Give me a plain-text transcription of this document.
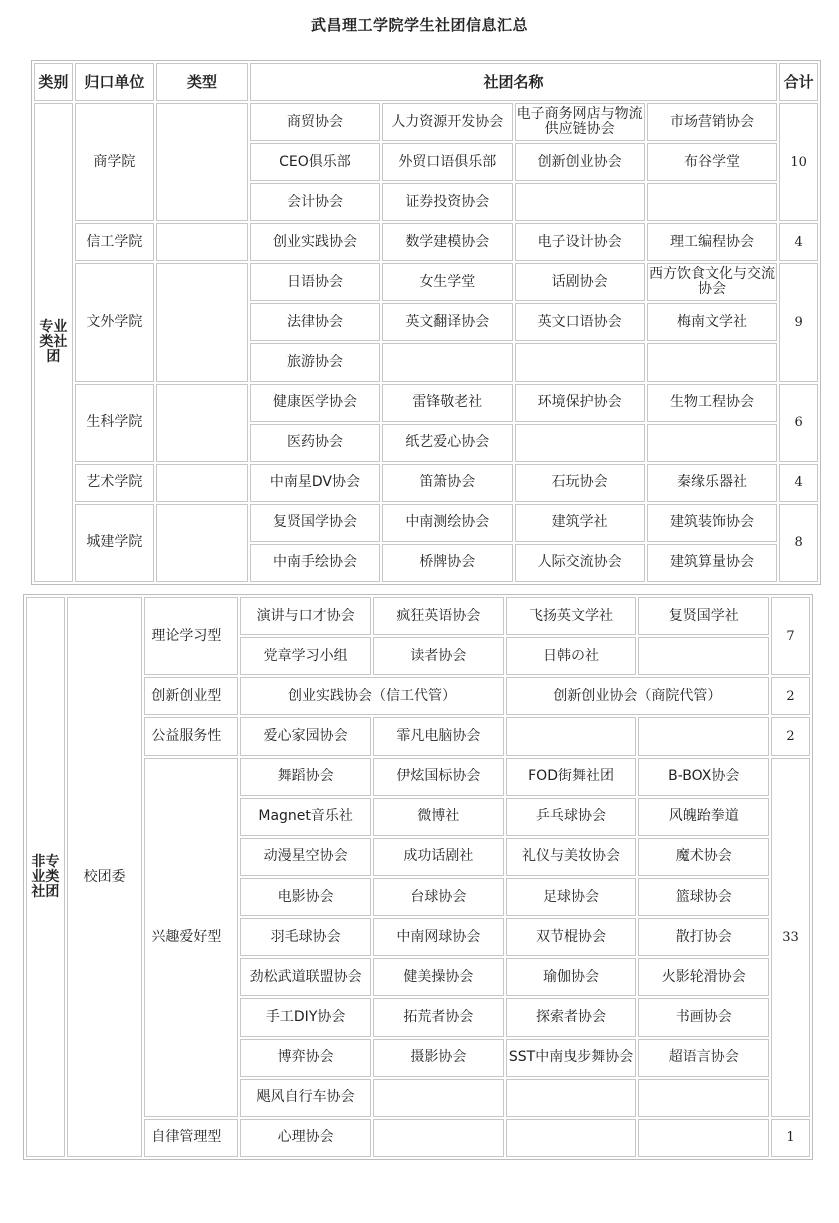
武昌理工学院学生社团信息汇总
类别	归口单位	类型	社团名称				合计
专业类社团	商学院		商贸协会	人力资源开发协会	电子商务网店与物流供应链协会	市场营销协会	10
			CEO俱乐部	外贸口语俱乐部	创新创业协会	布谷学堂	
			会计协会	证券投资协会			
	信工学院		创业实践协会	数学建模协会	电子设计协会	理工编程协会	4
	文外学院		日语协会	女生学堂	话剧协会	西方饮食文化与交流协会	9
			法律协会	英文翻译协会	英文口语协会	梅南文学社	
			旅游协会				
	生科学院		健康医学协会	雷锋敬老社	环境保护协会	生物工程协会	6
			医药协会	纸艺爱心协会			
	艺术学院		中南星DV协会	笛箫协会	石玩协会	秦缘乐器社	4
	城建学院		复贤国学协会	中南测绘协会	建筑学社	建筑装饰协会	8
			中南手绘协会	桥牌协会	人际交流协会	建筑算量协会	
非专业类社团	校团委	理论学习型	演讲与口才协会	疯狂英语协会	飞扬英文学社	复贤国学社	7
			党章学习小组	读者协会	日韩の社		
		创新创业型	创业实践协会（信工代管）		创新创业协会（商院代管）		2
		公益服务性	爱心家园协会	霏凡电脑协会			2
		兴趣爱好型	舞蹈协会	伊炫国标协会	FOD街舞社团	B-BOX协会	33
			Magnet音乐社	微博社	乒乓球协会	风魄跆拳道	
			动漫星空协会	成功话剧社	礼仪与美妆协会	魔术协会	
			电影协会	台球协会	足球协会	篮球协会	
			羽毛球协会	中南网球协会	双节棍协会	散打协会	
			劲松武道联盟协会	健美操协会	瑜伽协会	火影轮滑协会	
			手工DIY协会	拓荒者协会	探索者协会	书画协会	
			博弈协会	摄影协会	SST中南曳步舞协会	超语言协会	
			飓风自行车协会				
		自律管理型	心理协会				1
